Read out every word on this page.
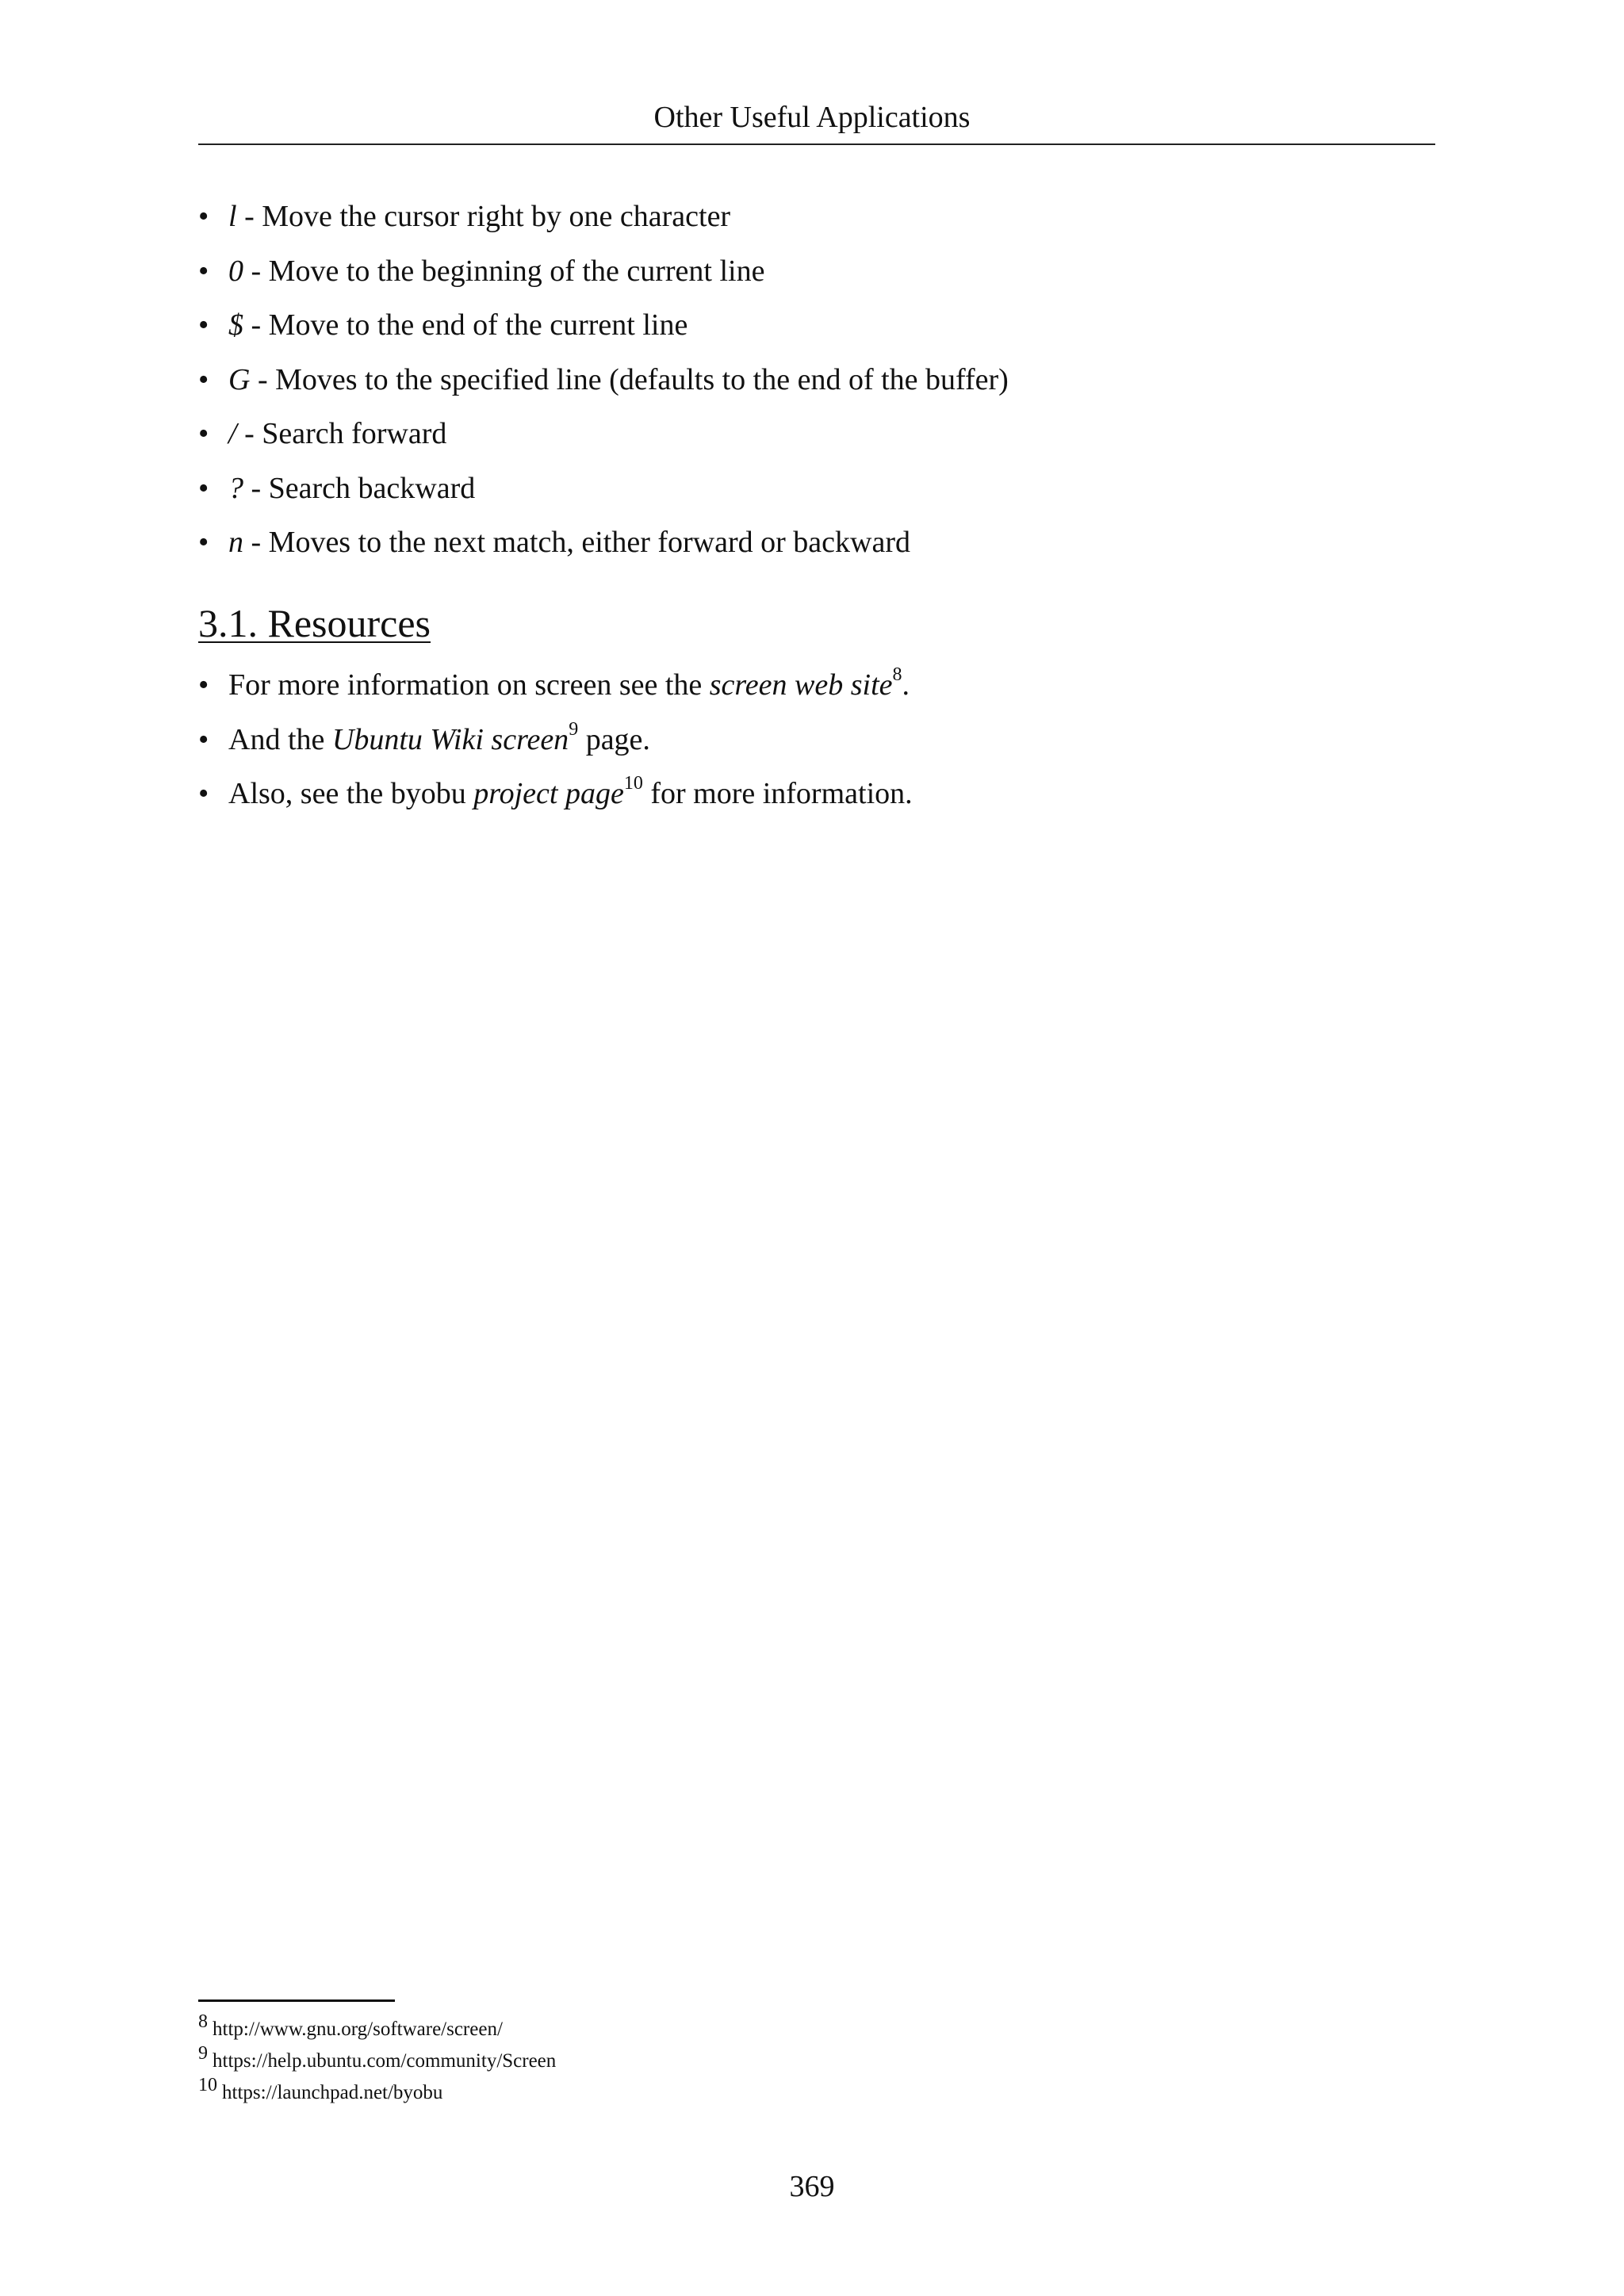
Other Useful Applications
• l - Move the cursor right by one character
• 0 - Move to the beginning of the current line
• $ - Move to the end of the current line
• G - Moves to the specified line (defaults to the end of the buffer)
• / - Search forward
• ? - Search backward
• n - Moves to the next match, either forward or backward
3.1. Resources
• For more information on screen see the screen web site$^8$.
• And the Ubuntu Wiki screen$^9$ page.
• Also, see the byobu project page$^{10}$ for more information.
8 http://www.gnu.org/software/screen/
9 https://help.ubuntu.com/community/Screen
10 https://launchpad.net/byobu
369
